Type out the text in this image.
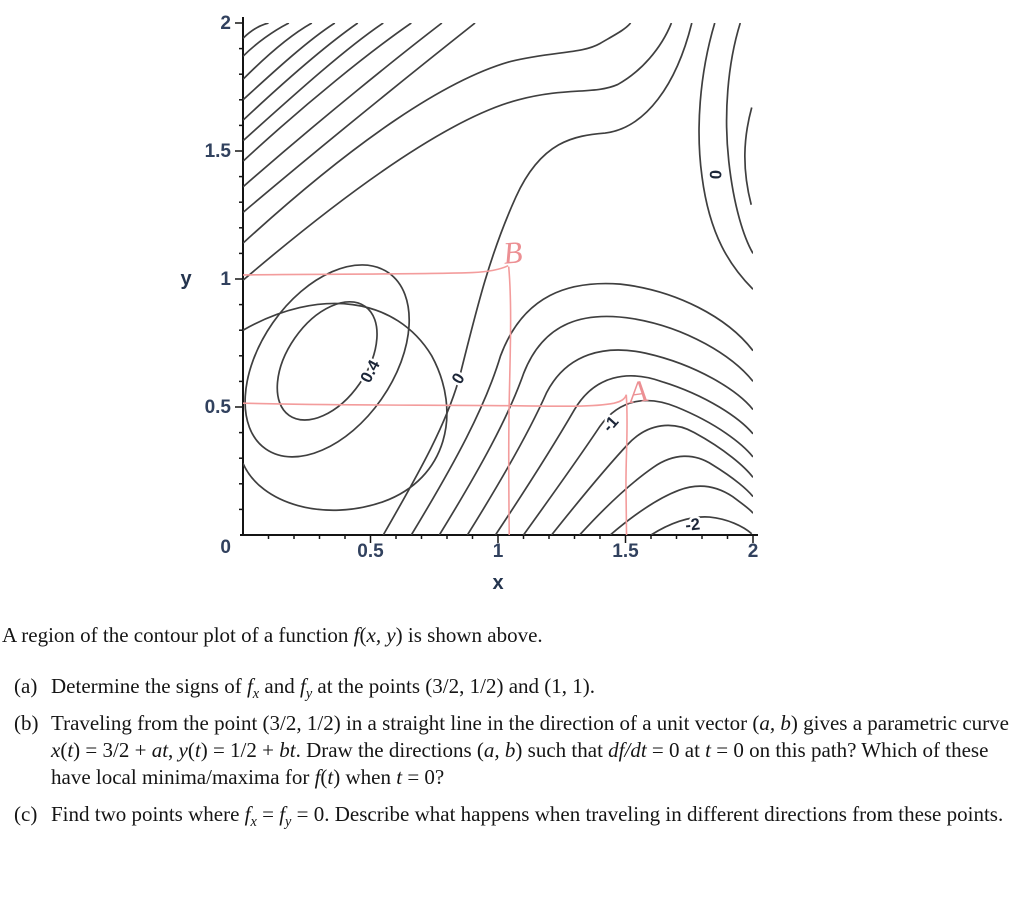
0.5	1	1.5	2
0.5
1
1.5
2
0
x
y
0.4	0
-1
-2
0
B
A

A region of the contour plot of a function f(x, y) is shown above.

(a) Determine the signs of $f_x$ and $f_y$ at the points (3/2, 1/2) and (1, 1).
(b) Traveling from the point (3/2, 1/2) in a straight line in the direction of a unit vector (a, b) gives a parametric curve x(t) = 3/2 + at, y(t) = 1/2 + bt. Draw the directions (a, b) such that df/dt = 0 at t = 0 on this path? Which of these have local minima/maxima for f(t) when t = 0?
(c) Find two points where $f_x = f_y = 0$. Describe what happens when traveling in different directions from these points.
